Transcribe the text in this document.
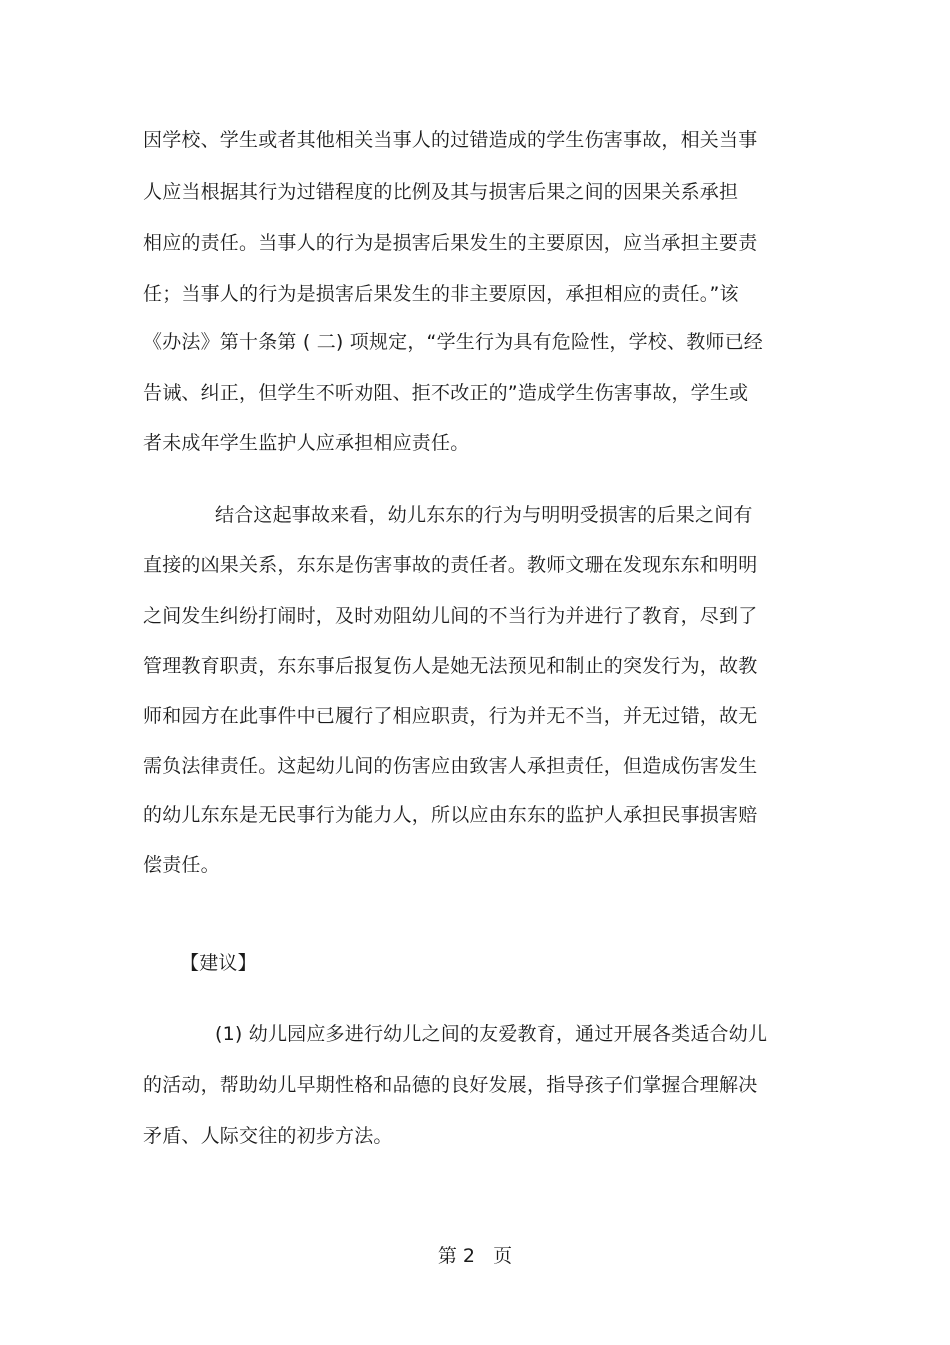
因学校、学生或者其他相关当事人的过错造成的学生伤害事故，相关当事
人应当根据其行为过错程度的比例及其与损害后果之间的因果关系承担
相应的责任。当事人的行为是损害后果发生的主要原因，应当承担主要责
任；当事人的行为是损害后果发生的非主要原因，承担相应的责任。”该
《办法》第十条第 ( 二) 项规定，“学生行为具有危险性，学校、教师已经
告诫、纠正，但学生不听劝阻、拒不改正的”造成学生伤害事故，学生或
者未成年学生监护人应承担相应责任。
结合这起事故来看，幼儿东东的行为与明明受损害的后果之间有
直接的凶果关系，东东是伤害事故的责任者。教师文珊在发现东东和明明
之间发生纠纷打闹时，及时劝阻幼儿间的不当行为并进行了教育，尽到了
管理教育职责，东东事后报复伤人是她无法预见和制止的突发行为，故教
师和园方在此事件中已履行了相应职责，行为并无不当，并无过错，故无
需负法律责任。这起幼儿间的伤害应由致害人承担责任，但造成伤害发生
的幼儿东东是无民事行为能力人，所以应由东东的监护人承担民事损害赔
偿责任。
【建议】
(1) 幼儿园应多进行幼儿之间的友爱教育，通过开展各类适合幼儿
的活动，帮助幼儿早期性格和品德的良好发展，指导孩子们掌握合理解决
矛盾、人际交往的初步方法。
第 2   页
